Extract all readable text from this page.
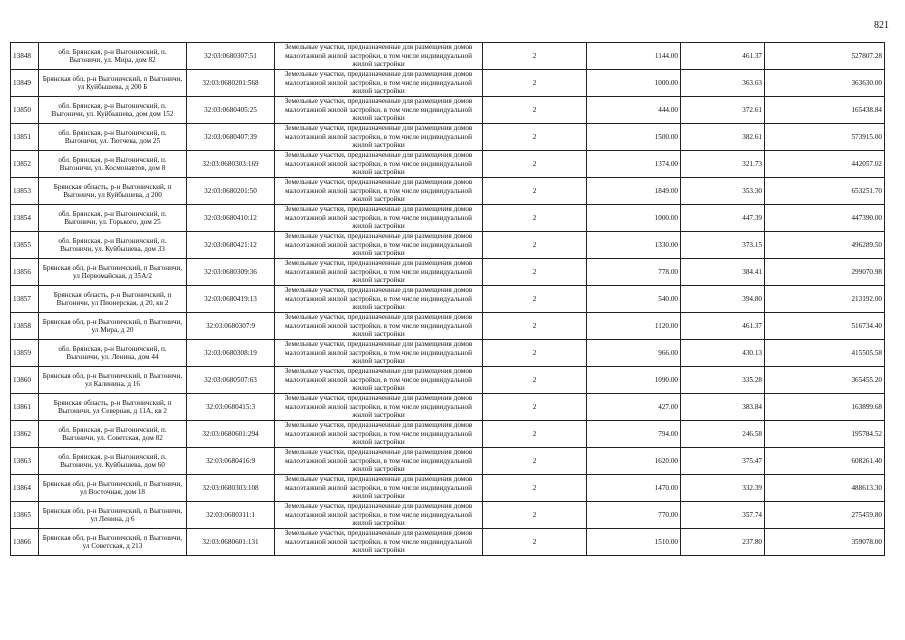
821
13848	обл. Брянская, р-н Выгоничский, п. Выгоничи, ул. Мира, дом 82	32:03:0680307:51	Земельные участки, предназначенные для размещения домов малоэтажной жилой застройки, в том числе индивидуальной жилой застройки	2	1144.00	461.37	527807.28
13849	Брянская обл, р-н Выгоничский, п Выгоничи, ул Куйбышева, д 200 Б	32:03:0680201:568	Земельные участки, предназначенные для размещения домов малоэтажной жилой застройки, в том числе индивидуальной жилой застройки	2	1000.00	363.63	363630.00
13850	обл. Брянская, р-н Выгоничский, п. Выгоничи, ул. Куйбышева, дом дом 152	32:03:0680405:25	Земельные участки, предназначенные для размещения домов малоэтажной жилой застройки, в том числе индивидуальной жилой застройки	2	444.00	372.61	165438.84
13851	обл. Брянская, р-н Выгоничский, п. Выгоничи, ул. Тютчева, дом 25	32:03:0680407:39	Земельные участки, предназначенные для размещения домов малоэтажной жилой застройки, в том числе индивидуальной жилой застройки	2	1500.00	382.61	573915.00
13852	обл. Брянская, р-н Выгоничский, п. Выгоничи, ул. Космонавтов, дом 8	32:03:0680303:169	Земельные участки, предназначенные для размещения домов малоэтажной жилой застройки, в том числе индивидуальной жилой застройки	2	1374.00	321.73	442057.02
13853	Брянская область, р-н Выгоничский, п Выгоничи, ул Куйбышева, д 200	32:03:0680201:50	Земельные участки, предназначенные для размещения домов малоэтажной жилой застройки, в том числе индивидуальной жилой застройки	2	1849.00	353.30	653251.70
13854	обл. Брянская, р-н Выгоничский, п. Выгоничи, ул. Горького, дом 25	32:03:0680410:12	Земельные участки, предназначенные для размещения домов малоэтажной жилой застройки, в том числе индивидуальной жилой застройки	2	1000.00	447.39	447390.00
13855	обл. Брянская, р-н Выгоничский, п. Выгоничи, ул. Куйбышева, дом 33	32:03:0680421:12	Земельные участки, предназначенные для размещения домов малоэтажной жилой застройки, в том числе индивидуальной жилой застройки	2	1330.00	373.15	496289.50
13856	Брянская обл, р-н Выгоничский, п Выгоничи, ул Первомайская, д 35А/2	32:03:0680309:36	Земельные участки, предназначенные для размещения домов малоэтажной жилой застройки, в том числе индивидуальной жилой застройки	2	778.00	384.41	299070.98
13857	Брянская область, р-н Выгоничский, п Выгоничи, ул Пионерская, д 20, кв 2	32:03:0680419:13	Земельные участки, предназначенные для размещения домов малоэтажной жилой застройки, в том числе индивидуальной жилой застройки	2	540.00	394.80	213192.00
13858	Брянская обл, р-н Выгоничский, п Выгоничи, ул Мира, д 20	32:03:0680307:9	Земельные участки, предназначенные для размещения домов малоэтажной жилой застройки, в том числе индивидуальной жилой застройки	2	1120.00	461.37	516734.40
13859	обл. Брянская, р-н Выгоничский, п. Выгоничи, ул. Ленина, дом 44	32:03:0680308:19	Земельные участки, предназначенные для размещения домов малоэтажной жилой застройки, в том числе индивидуальной жилой застройки	2	966.00	430.13	415505.58
13860	Брянская обл, р-н Выгоничский, п Выгоничи, ул Калинина, д 16	32:03:0680507:63	Земельные участки, предназначенные для размещения домов малоэтажной жилой застройки, в том числе индивидуальной жилой застройки	2	1090.00	335.28	365455.20
13861	Брянская область, р-н Выгоничский, п Выгоничи, ул Северная, д 11А, кв 2	32:03:0680415:3	Земельные участки, предназначенные для размещения домов малоэтажной жилой застройки, в том числе индивидуальной жилой застройки	2	427.00	383.84	163899.68
13862	обл. Брянская, р-н Выгоничский, п. Выгоничи, ул. Советская, дом 82	32:03:0680601:294	Земельные участки, предназначенные для размещения домов малоэтажной жилой застройки, в том числе индивидуальной жилой застройки	2	794.00	246.58	195784.52
13863	обл. Брянская, р-н Выгоничский, п. Выгоничи, ул. Куйбышева, дом 60	32:03:0680416:9	Земельные участки, предназначенные для размещения домов малоэтажной жилой застройки, в том числе индивидуальной жилой застройки	2	1620.00	375.47	608261.40
13864	Брянская обл, р-н Выгоничский, п Выгоничи, ул Восточная, дом 18	32:03:0680303:108	Земельные участки, предназначенные для размещения домов малоэтажной жилой застройки, в том числе индивидуальной жилой застройки	2	1470.00	332.39	488613.30
13865	Брянская обл, р-н Выгоничский, п Выгоничи, ул Ленина, д 6	32:03:0680311:1	Земельные участки, предназначенные для размещения домов малоэтажной жилой застройки, в том числе индивидуальной жилой застройки	2	770.00	357.74	275459.80
13866	Брянская обл, р-н Выгоничский, п Выгоничи, ул Советская, д 213	32:03:0680601:131	Земельные участки, предназначенные для размещения домов малоэтажной жилой застройки, в том числе индивидуальной жилой застройки	2	1510.00	237.80	359078.00
